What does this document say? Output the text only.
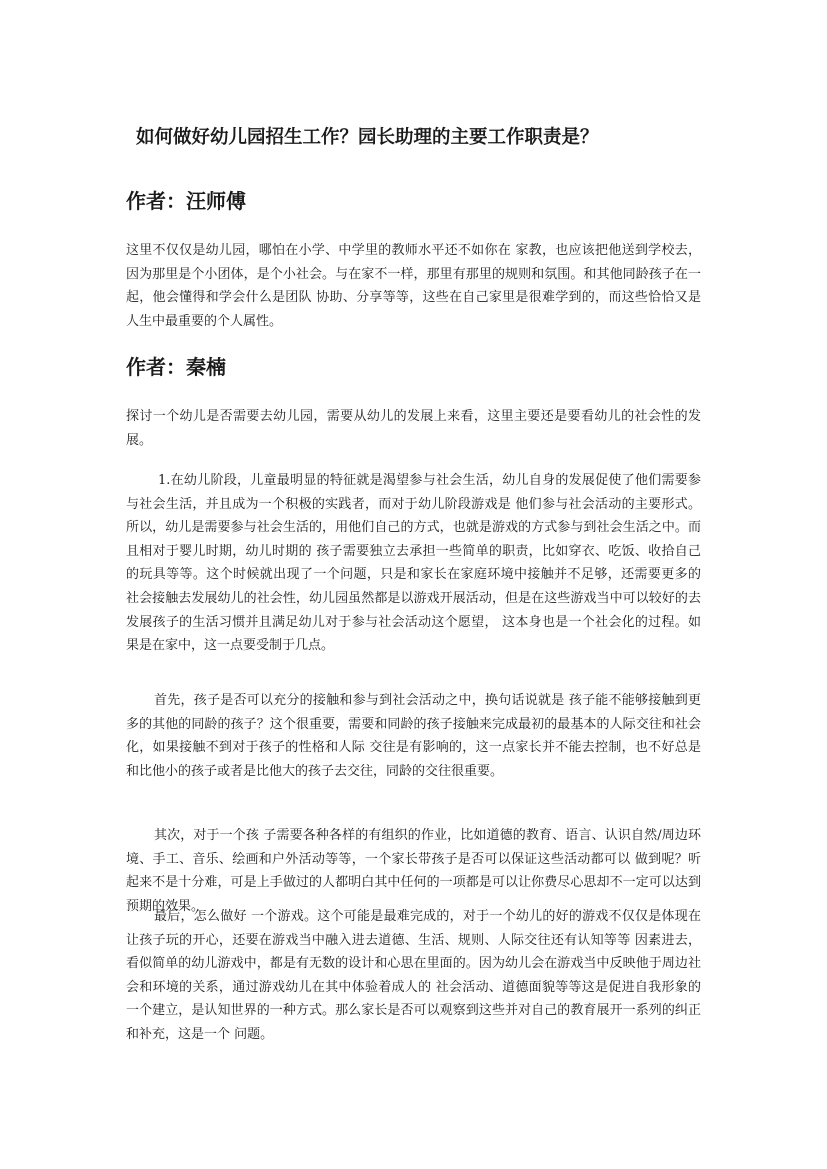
如何做好幼儿园招生工作？园长助理的主要工作职责是？
作者：汪师傅

这里不仅仅是幼儿园，哪怕在小学、中学里的教师水平还不如你在 家教，也应该把他送到学校去，因为那里是个小团体，是个小社会。与在家不一样，那里有那里的规则和氛围。和其他同龄孩子在一起，他会懂得和学会什么是团队 协助、分享等等，这些在自己家里是很难学到的，而这些恰恰又是人生中最重要的个人属性。

作者：秦楠

探讨一个幼儿是否需要去幼儿园，需要从幼儿的发展上来看，这里主要还是要看幼儿的社会性的发展。

1.在幼儿阶段，儿童最明显的特征就是渴望参与社会生活，幼儿自身的发展促使了他们需要参与社会生活，并且成为一个积极的实践者，而对于幼儿阶段游戏是 他们参与社会活动的主要形式。所以，幼儿是需要参与社会生活的，用他们自己的方式，也就是游戏的方式参与到社会生活之中。而且相对于婴儿时期，幼儿时期的 孩子需要独立去承担一些简单的职责，比如穿衣、吃饭、收拾自己的玩具等等。这个时候就出现了一个问题，只是和家长在家庭环境中接触并不足够，还需要更多的 社会接触去发展幼儿的社会性，幼儿园虽然都是以游戏开展活动，但是在这些游戏当中可以较好的去发展孩子的生活习惯并且满足幼儿对于参与社会活动这个愿望， 这本身也是一个社会化的过程。如果是在家中，这一点要受制于几点。

首先，孩子是否可以充分的接触和参与到社会活动之中，换句话说就是 孩子能不能够接触到更多的其他的同龄的孩子？这个很重要，需要和同龄的孩子接触来完成最初的最基本的人际交往和社会化，如果接触不到对于孩子的性格和人际 交往是有影响的，这一点家长并不能去控制，也不好总是和比他小的孩子或者是比他大的孩子去交往，同龄的交往很重要。

其次，对于一个孩 子需要各种各样的有组织的作业，比如道德的教育、语言、认识自然/周边环境、手工、音乐、绘画和户外活动等等，一个家长带孩子是否可以保证这些活动都可以 做到呢？听起来不是十分难，可是上手做过的人都明白其中任何的一项都是可以让你费尽心思却不一定可以达到预期的效果。

最后，怎么做好 一个游戏。这个可能是最难完成的，对于一个幼儿的好的游戏不仅仅是体现在让孩子玩的开心，还要在游戏当中融入进去道德、生活、规则、人际交往还有认知等等 因素进去，看似简单的幼儿游戏中，都是有无数的设计和心思在里面的。因为幼儿会在游戏当中反映他于周边社会和环境的关系，通过游戏幼儿在其中体验着成人的 社会活动、道德面貌等等这是促进自我形象的一个建立，是认知世界的一种方式。那么家长是否可以观察到这些并对自己的教育展开一系列的纠正和补充，这是一个 问题。
